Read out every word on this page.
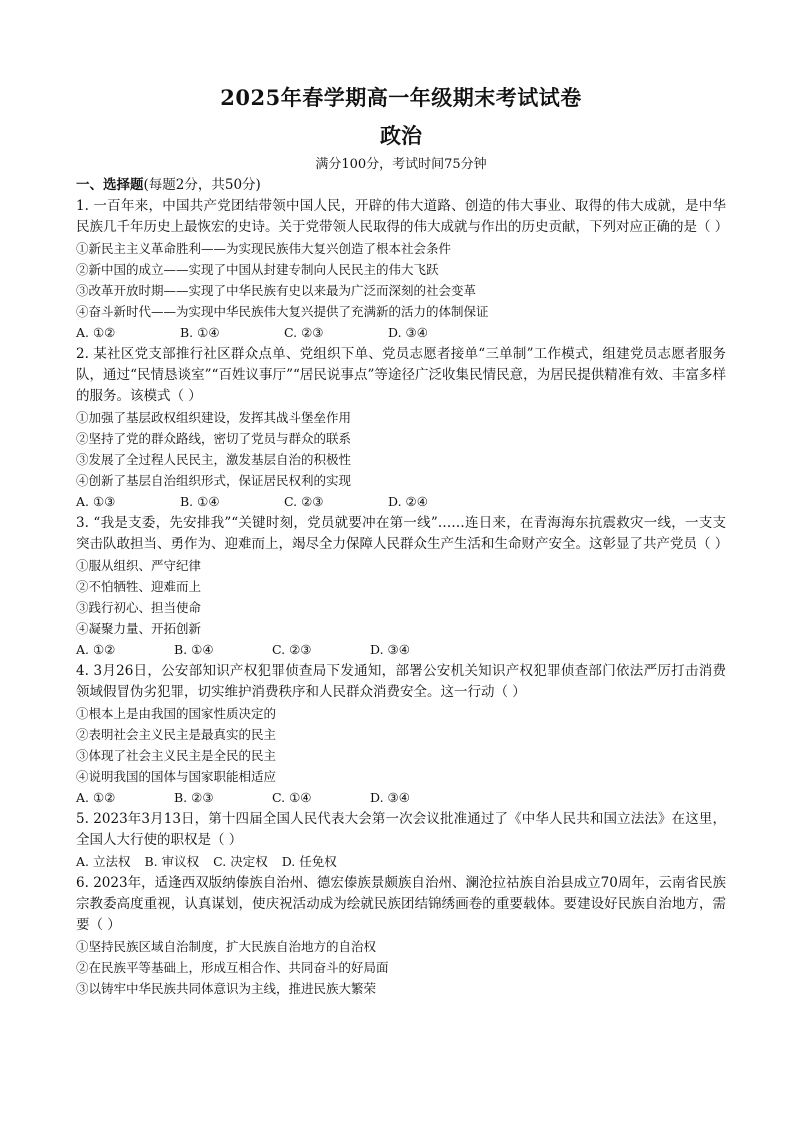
2025年春学期高一年级期末考试试卷
政治
满分100分，考试时间75分钟
一、选择题(每题2分，共50分)
1. 一百年来，中国共产党团结带领中国人民，开辟的伟大道路、创造的伟大事业、取得的伟大成就，是中华民族几千年历史上最恢宏的史诗。关于党带领人民取得的伟大成就与作出的历史贡献，下列对应正确的是（ ）
①新民主主义革命胜利——为实现民族伟大复兴创造了根本社会条件
②新中国的成立——实现了中国从封建专制向人民民主的伟大飞跃
③改革开放时期——实现了中华民族有史以来最为广泛而深刻的社会变革
④奋斗新时代——为实现中华民族伟大复兴提供了充满新的活力的体制保证
A. ①②	B. ①④	C. ②③	D. ③④
2. 某社区党支部推行社区群众点单、党组织下单、党员志愿者接单“三单制”工作模式，组建党员志愿者服务队，通过“民情恳谈室”“百姓议事厅”“居民说事点”等途径广泛收集民情民意，为居民提供精准有效、丰富多样的服务。该模式（ ）
①加强了基层政权组织建设，发挥其战斗堡垒作用
②坚持了党的群众路线，密切了党员与群众的联系
③发展了全过程人民民主，激发基层自治的积极性
④创新了基层自治组织形式，保证居民权利的实现
A. ①③	B. ①④	C. ②③	D. ②④
3. “我是支委，先安排我”“关键时刻，党员就要冲在第一线”……连日来，在青海海东抗震救灾一线，一支支突击队敢担当、勇作为、迎难而上，竭尽全力保障人民群众生产生活和生命财产安全。这彰显了共产党员（ ）
①服从组织、严守纪律
②不怕牺牲、迎难而上
③践行初心、担当使命
④凝聚力量、开拓创新
A. ①②	B. ①④	C. ②③	D. ③④
4. 3月26日，公安部知识产权犯罪侦查局下发通知，部署公安机关知识产权犯罪侦查部门依法严厉打击消费领域假冒伪劣犯罪，切实维护消费秩序和人民群众消费安全。这一行动（ ）
①根本上是由我国的国家性质决定的
②表明社会主义民主是最真实的民主
③体现了社会主义民主是全民的民主
④说明我国的国体与国家职能相适应
A. ①②	B. ②③	C. ①④	D. ③④
5. 2023年3月13日，第十四届全国人民代表大会第一次会议批准通过了《中华人民共和国立法法》在这里，全国人大行使的职权是（ ）
A. 立法权 B. 审议权 C. 决定权 D. 任免权
6. 2023年，适逢西双版纳傣族自治州、德宏傣族景颇族自治州、澜沧拉祜族自治县成立70周年，云南省民族宗教委高度重视，认真谋划，使庆祝活动成为绘就民族团结锦绣画卷的重要载体。要建设好民族自治地方，需要（ ）
①坚持民族区域自治制度，扩大民族自治地方的自治权
②在民族平等基础上，形成互相合作、共同奋斗的好局面
③以铸牢中华民族共同体意识为主线，推进民族大繁荣
